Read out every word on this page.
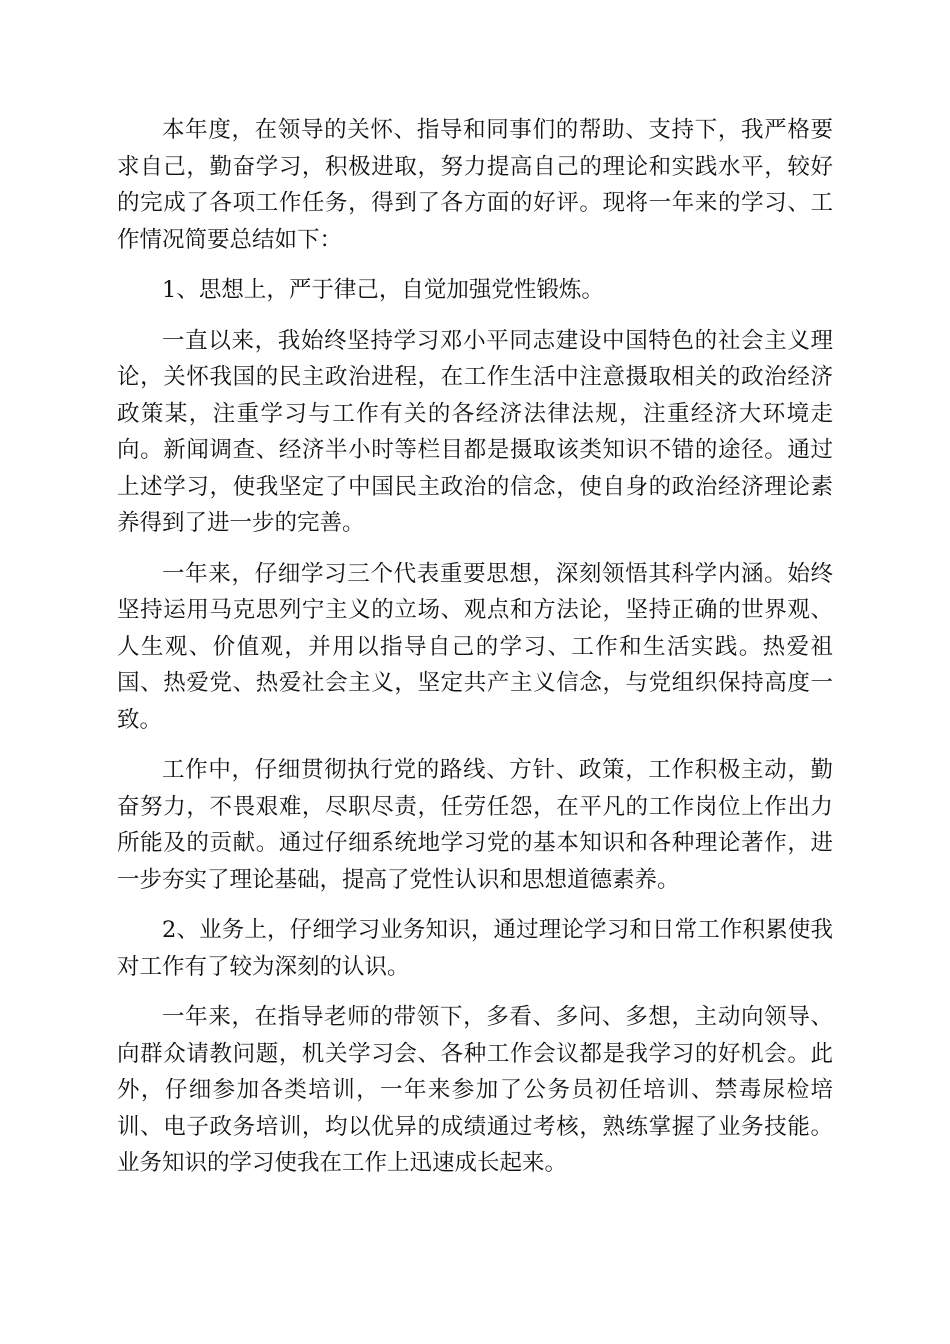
本年度，在领导的关怀、指导和同事们的帮助、支持下，我严格要求自己，勤奋学习，积极进取，努力提高自己的理论和实践水平，较好的完成了各项工作任务，得到了各方面的好评。现将一年来的学习、工作情况简要总结如下：

1、思想上，严于律己，自觉加强党性锻炼。

一直以来，我始终坚持学习邓小平同志建设中国特色的社会主义理论，关怀我国的民主政治进程，在工作生活中注意摄取相关的政治经济政策某，注重学习与工作有关的各经济法律法规，注重经济大环境走向。新闻调查、经济半小时等栏目都是摄取该类知识不错的途径。通过上述学习，使我坚定了中国民主政治的信念，使自身的政治经济理论素养得到了进一步的完善。

一年来，仔细学习三个代表重要思想，深刻领悟其科学内涵。始终坚持运用马克思列宁主义的立场、观点和方法论，坚持正确的世界观、人生观、价值观，并用以指导自己的学习、工作和生活实践。热爱祖国、热爱党、热爱社会主义，坚定共产主义信念，与党组织保持高度一致。

工作中，仔细贯彻执行党的路线、方针、政策，工作积极主动，勤奋努力，不畏艰难，尽职尽责，任劳任怨，在平凡的工作岗位上作出力所能及的贡献。通过仔细系统地学习党的基本知识和各种理论著作，进一步夯实了理论基础，提高了党性认识和思想道德素养。

2、业务上，仔细学习业务知识，通过理论学习和日常工作积累使我对工作有了较为深刻的认识。

一年来，在指导老师的带领下，多看、多问、多想，主动向领导、向群众请教问题，机关学习会、各种工作会议都是我学习的好机会。此外，仔细参加各类培训，一年来参加了公务员初任培训、禁毒尿检培训、电子政务培训，均以优异的成绩通过考核，熟练掌握了业务技能。业务知识的学习使我在工作上迅速成长起来。
